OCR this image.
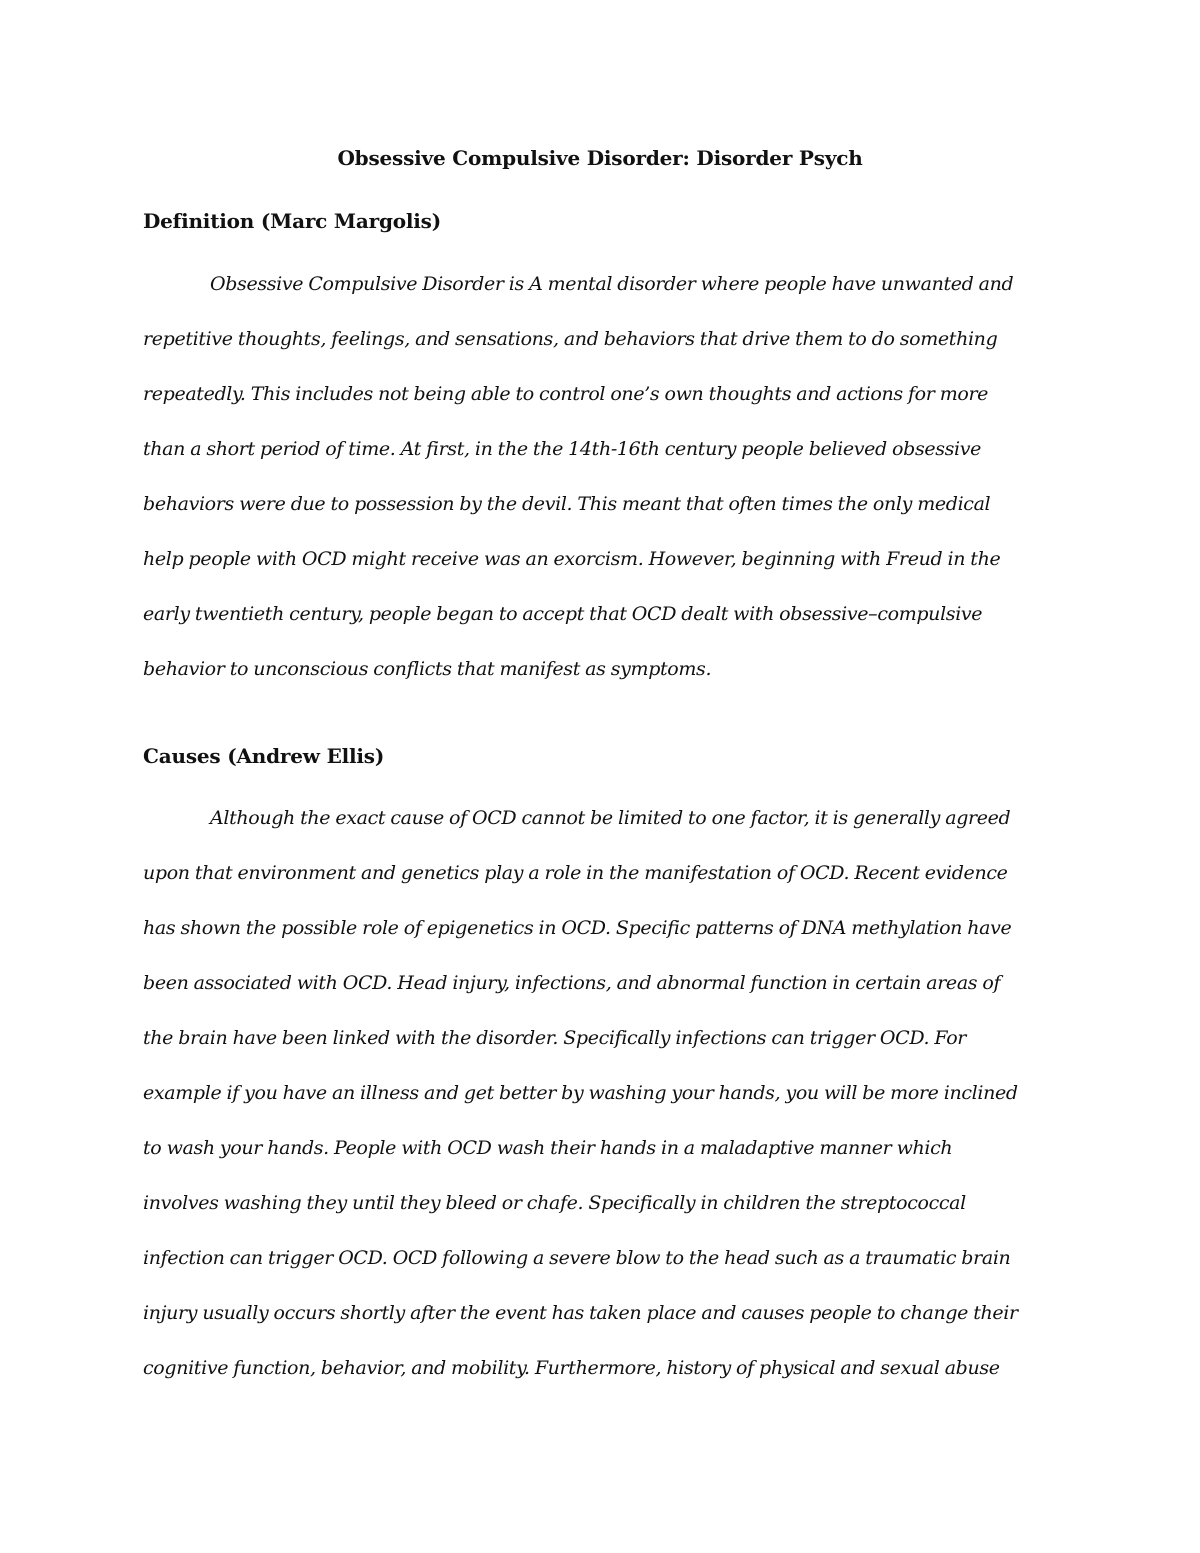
Obsessive Compulsive Disorder: Disorder Psych
Definition (Marc Margolis)
Obsessive Compulsive Disorder is A mental disorder where people have unwanted and
repetitive thoughts, feelings, and sensations, and behaviors that drive them to do something
repeatedly. This includes not being able to control one’s own thoughts and actions for more
than a short period of time. At first, in the the 14th-16th century people believed obsessive
behaviors were due to possession by the devil. This meant that often times the only medical
help people with OCD might receive was an exorcism. However, beginning with Freud in the
early twentieth century, people began to accept that OCD dealt with obsessive–compulsive
behavior to unconscious conflicts that manifest as symptoms.
Causes (Andrew Ellis)
Although the exact cause of OCD cannot be limited to one factor, it is generally agreed
upon that environment and genetics play a role in the manifestation of OCD. Recent evidence
has shown the possible role of epigenetics in OCD. Specific patterns of DNA methylation have
been associated with OCD. Head injury, infections, and abnormal function in certain areas of
the brain have been linked with the disorder. Specifically infections can trigger OCD. For
example if you have an illness and get better by washing your hands, you will be more inclined
to wash your hands. People with OCD wash their hands in a maladaptive manner which
involves washing they until they bleed or chafe. Specifically in children the streptococcal
infection can trigger OCD. OCD following a severe blow to the head such as a traumatic brain
injury usually occurs shortly after the event has taken place and causes people to change their
cognitive function, behavior, and mobility. Furthermore, history of physical and sexual abuse
